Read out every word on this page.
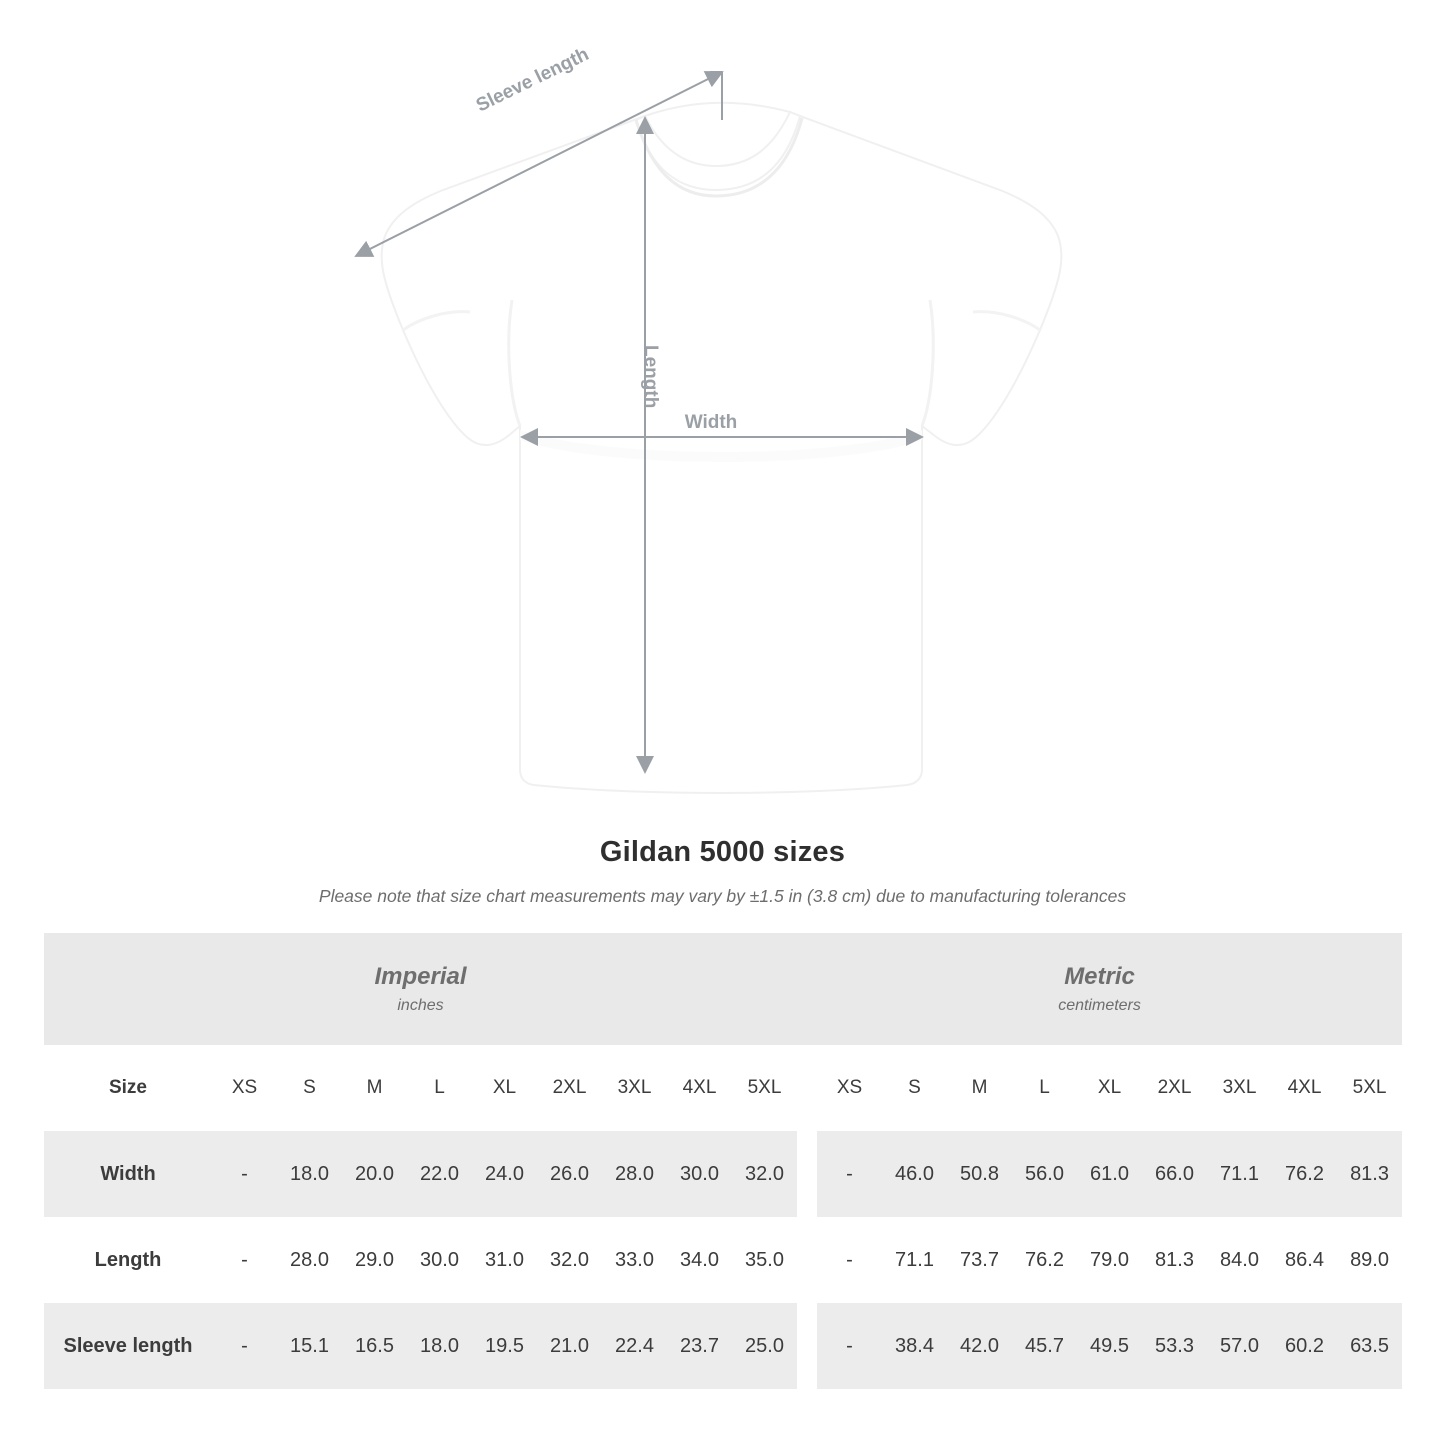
Sleeve length
Length
Width
Gildan 5000 sizes
Please note that size chart measurements may vary by ±1.5 in (3.8 cm) due to manufacturing tolerances
Imperial
inches

Metric
centimeters

Size	XS	S	M	L	XL	2XL	3XL	4XL	5XL		XS	S	M	L	XL	2XL	3XL	4XL	5XL
Width	-	18.0	20.0	22.0	24.0	26.0	28.0	30.0	32.0		-	46.0	50.8	56.0	61.0	66.0	71.1	76.2	81.3
Length	-	28.0	29.0	30.0	31.0	32.0	33.0	34.0	35.0		-	71.1	73.7	76.2	79.0	81.3	84.0	86.4	89.0
Sleeve length	-	15.1	16.5	18.0	19.5	21.0	22.4	23.7	25.0		-	38.4	42.0	45.7	49.5	53.3	57.0	60.2	63.5
